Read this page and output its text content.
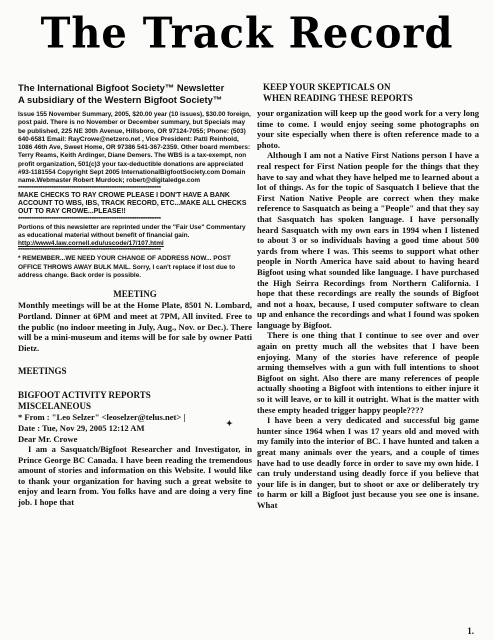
The Track Record

The International Bigfoot Society™ Newsletter

A subsidiary of the Western Bigfoot Society™

Issue 155 November Summary, 2005, $20.00 year (10 issues), $30.00 foreign, post paid. There is no November or December summary, but Specials may be published, 225 NE 30th Avenue, Hillsboro, OR 97124-7055; Phone: (503) 640-6581 Email: RayCrowe@netzero.net , Vice President: Patti Reinhold, 1086 46th Ave, Sweet Home, OR 97386 541-367-2359. Other board members: Terry Reams, Keith Ardinger, Diane Demers. The WBS is a tax-exempt, non profit organization, 501(c)3 your tax-deductible donations are appreciated #93-1181554 Copyright Sept 2005 InternationalBigfootSociety.com Domain name.Webmaster Robert Murdock; robert@digitaledge.com

****************************************************************

MAKE CHECKS TO RAY CROWE PLEASE I DON'T HAVE A BANK ACCOUNT TO WBS, IBS, TRACK RECORD, ETC...MAKE ALL CHECKS OUT TO RAY CROWE...PLEASE!!

****************************************************************

Portions of this newsletter are reprinted under the "Fair Use" Commentary as educational material without benefit of financial gain.

http://www4.law.cornell.edu/uscode/17/107.html

****************************************************************

* REMEMBER...WE NEED YOUR CHANGE OF ADDRESS NOW... POST OFFICE THROWS AWAY BULK MAIL. Sorry, I can't replace if lost due to address change. Back order is possible.

MEETING

Monthly meetings will be at the Home Plate, 8501 N. Lombard, Portland. Dinner at 6PM and meet at 7PM, All invited. Free to the public (no indoor meeting in July, Aug., Nov. or Dec.). There will be a mini-museum and items will be for sale by owner Patti Dietz.

MEETINGS

BIGFOOT ACTIVITY REPORTS

MISCELANEOUS

* From : "Leo Selzer" <leoselzer@telus.net> |

Date : Tue, Nov 29, 2005 12:12 AM

Dear Mr. Crowe

I am a Sasquatch/Bigfoot Researcher and Investigator, in Prince George BC Canada. I have been reading the tremendous amount of stories and information on this Website. I would like to thank your organization for having such a great website to enjoy and learn from. You folks have and are doing a very fine job. I hope that

✦

KEEP YOUR SKEPTICALS ON

WHEN READING THESE REPORTS

your organization will keep up the good work for a very long time to come. I would enjoy seeing some photographs on your site especially when there is often reference made to a photo.

Although I am not a Native First Nations person I have a real respect for First Nation people for the things that they have to say and what they have helped me to learned about a lot of things. As for the topic of Sasquatch I believe that the First Nation Native People are correct when they make reference to Sasquatch as being a "People" and that they say that Sasquatch has spoken language. I have personally heard Sasquatch with my own ears in 1994 when I listened to about 3 or so individuals having a good time about 500 yards from where I was. This seems to support what other people in North America have said about to having heard Bigfoot using what sounded like language. I have purchased the High Seirra Recordings from Northern California. I hope that these recordings are really the sounds of Bigfoot and not a hoax, because, I used computer software to clean up and enhance the recordings and what I found was spoken language by Bigfoot.

There is one thing that I continue to see over and over again on pretty much all the websites that I have been enjoying. Many of the stories have reference of people arming themselves with a gun with full intentions to shoot Bigfoot on sight. Also there are many references of people actually shooting a Bigfoot with intentions to either injure it so it will leave, or to kill it outright. What is the matter with these empty headed trigger happy people????

I have been a very dedicated and successful big game hunter since 1964 when I was 17 years old and moved with my family into the interior of BC. I have hunted and taken a great many animals over the years, and a couple of times have had to use deadly force in order to save my own hide. I can truly understand using deadly force if you believe that your life is in danger, but to shoot or axe or deliberately try to harm or kill a Bigfoot just because you see one is insane. What

1.
